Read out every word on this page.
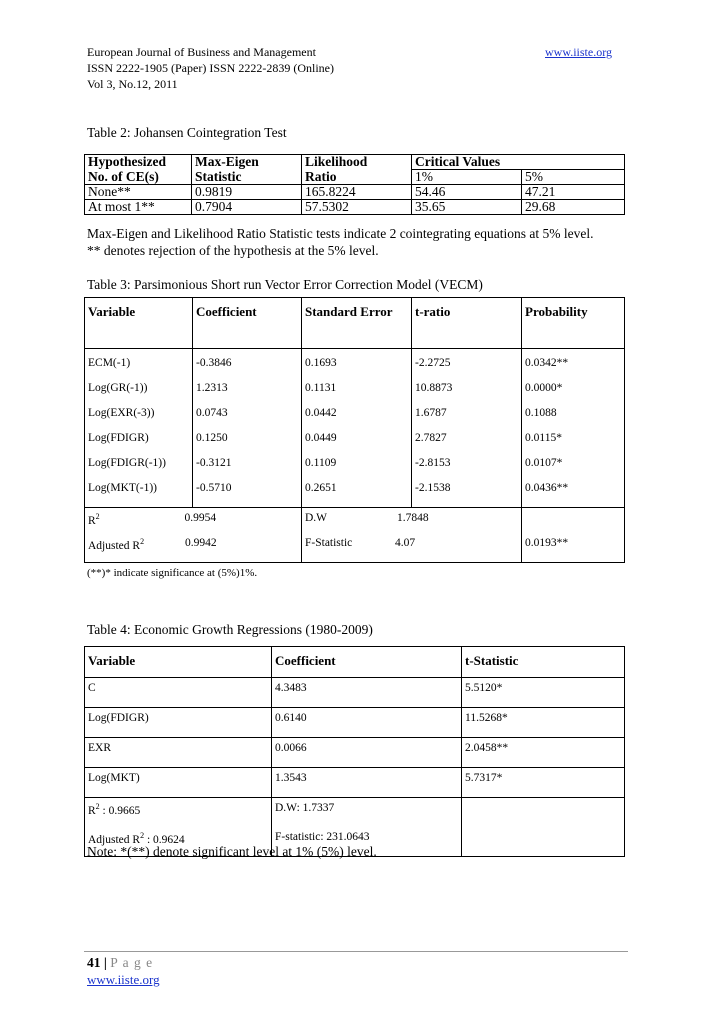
European Journal of Business and Management	www.iiste.org
ISSN 2222-1905 (Paper) ISSN 2222-2839 (Online)
Vol 3, No.12, 2011
Table 2: Johansen Cointegration Test
Hypothesized	Max-Eigen	Likelihood	Critical Values	
No. of CE(s)	Statistic	Ratio	1%	5%
None**	0.9819	165.8224	54.46	47.21
At most 1**	0.7904	57.5302	35.65	29.68
Max-Eigen and Likelihood Ratio Statistic tests indicate 2 cointegrating equations at 5% level.
** denotes rejection of the hypothesis at the 5% level.
Table 3: Parsimonious Short run Vector Error Correction Model (VECM)
Variable	Coefficient	Standard Error	t-ratio	Probability
ECM(-1)	-0.3846	0.1693	-2.2725	0.0342**
Log(GR(-1))	1.2313	0.1131	10.8873	0.0000*
Log(EXR(-3))	0.0743	0.0442	1.6787	0.1088
Log(FDIGR)	0.1250	0.0449	2.7827	0.0115*
Log(FDIGR(-1))	-0.3121	0.1109	-2.8153	0.0107*
Log(MKT(-1))	-0.5710	0.2651	-2.1538	0.0436**
$R^2$ 0.9954		D.W 1.7848		

Adjusted $R^2$ 0.9942		F-Statistic 4.07		0.0193**
(**)* indicate significance at (5%)1%.
Table 4: Economic Growth Regressions (1980-2009)
Variable	Coefficient	t-Statistic
C	4.3483	5.5120*
Log(FDIGR)	0.6140	11.5268*
EXR	0.0066	2.0458**
Log(MKT)	1.3543	5.7317*
$R^2$ : 0.9665	D.W: 1.7337	
Adjusted $R^2$ : 0.9624	F-statistic: 231.0643	
Note: *(**) denote significant level at 1% (5%) level.
41 | P a g e
www.iiste.org
